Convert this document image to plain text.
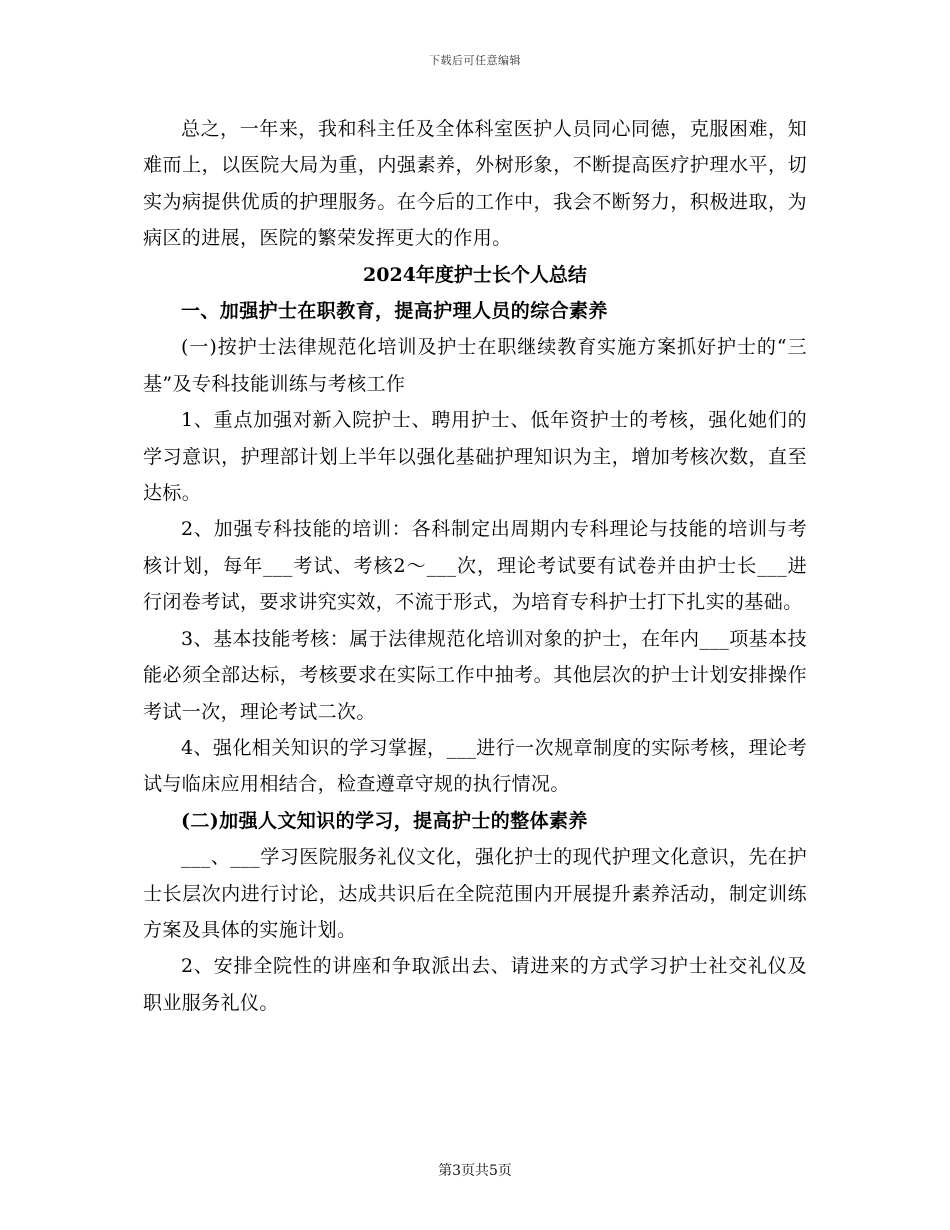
下载后可任意编辑

总之，一年来，我和科主任及全体科室医护人员同心同德，克服困难，知难而上，以医院大局为重，内强素养，外树形象，不断提高医疗护理水平，切实为病提供优质的护理服务。在今后的工作中，我会不断努力，积极进取，为病区的进展，医院的繁荣发挥更大的作用。

2024年度护士长个人总结

一、加强护士在职教育，提高护理人员的综合素养

(一)按护士法律规范化培训及护士在职继续教育实施方案抓好护士的“三基”及专科技能训练与考核工作

1、重点加强对新入院护士、聘用护士、低年资护士的考核，强化她们的学习意识，护理部计划上半年以强化基础护理知识为主，增加考核次数，直至达标。

2、加强专科技能的培训：各科制定出周期内专科理论与技能的培训与考核计划，每年___考试、考核2～___次，理论考试要有试卷并由护士长___进行闭卷考试，要求讲究实效，不流于形式，为培育专科护士打下扎实的基础。

3、基本技能考核：属于法律规范化培训对象的护士，在年内___项基本技能必须全部达标，考核要求在实际工作中抽考。其他层次的护士计划安排操作考试一次，理论考试二次。

4、强化相关知识的学习掌握，___进行一次规章制度的实际考核，理论考试与临床应用相结合，检查遵章守规的执行情况。

(二)加强人文知识的学习，提高护士的整体素养

___、___学习医院服务礼仪文化，强化护士的现代护理文化意识，先在护士长层次内进行讨论，达成共识后在全院范围内开展提升素养活动，制定训练方案及具体的实施计划。

2、安排全院性的讲座和争取派出去、请进来的方式学习护士社交礼仪及职业服务礼仪。

第3页共5页
